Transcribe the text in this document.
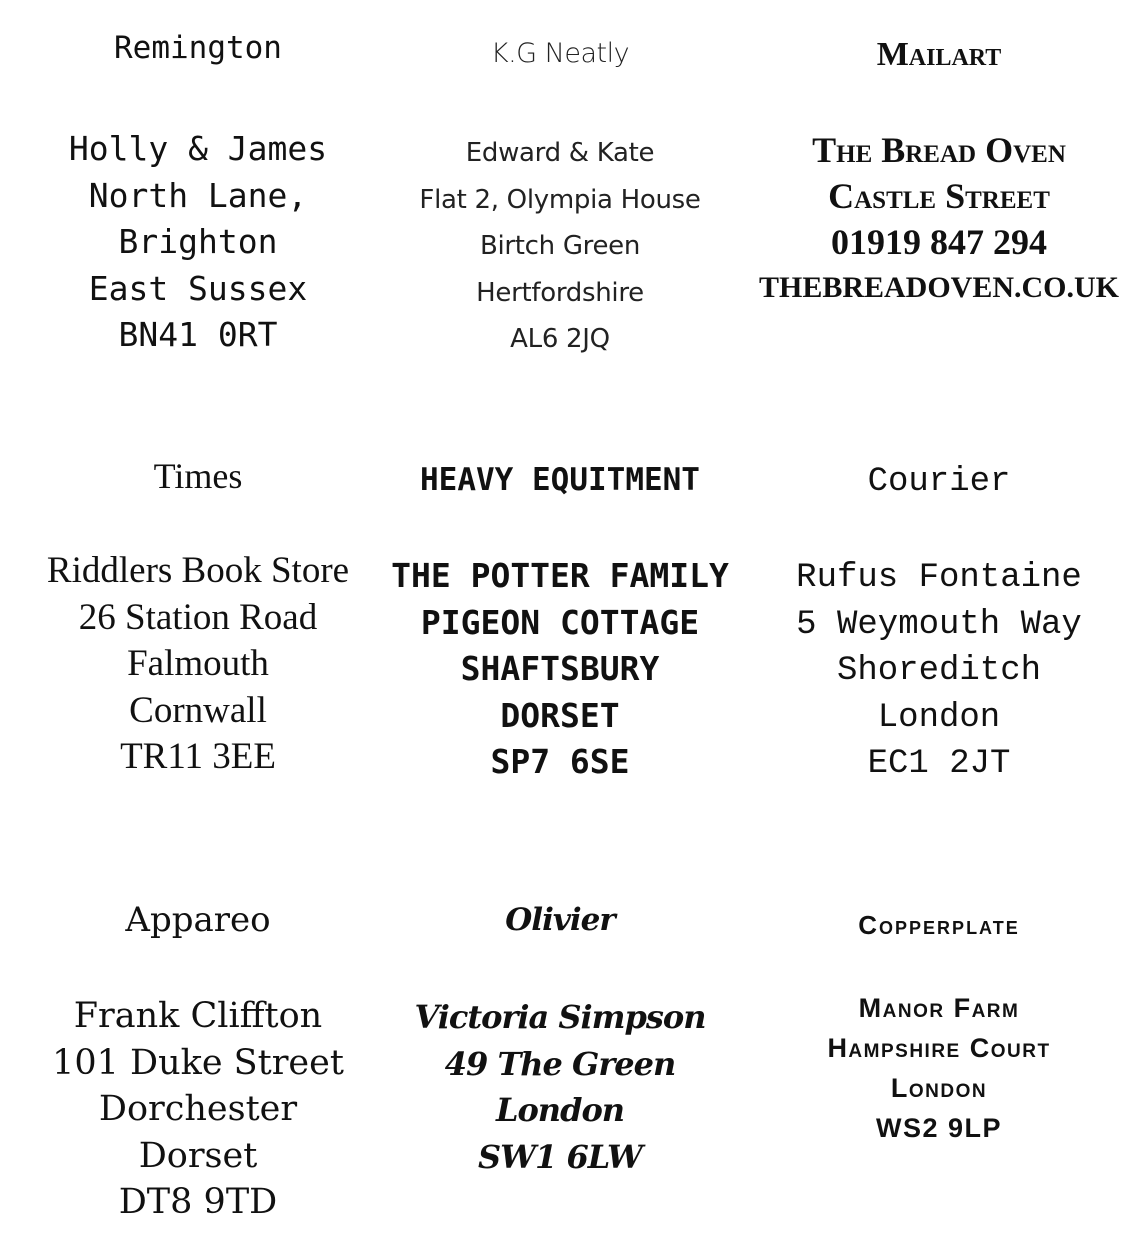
Remington
Holly & James
North Lane,
Brighton
East Sussex
BN41 0RT
K.G Neatly
Edward & Kate
Flat 2, Olympia House
Birtch Green
Hertfordshire
AL6 2JQ
Mailart
The Bread Oven
Castle Street
01919 847 294
THEBREADOVEN.CO.UK
Times
Riddlers Book Store
26 Station Road
Falmouth
Cornwall
TR11 3EE
HEAVY EQUITMENT
THE POTTER FAMILY
PIGEON COTTAGE
SHAFTSBURY
DORSET
SP7 6SE
Courier
Rufus Fontaine
5 Weymouth Way
Shoreditch
London
EC1 2JT
Appareo
Frank Cliffton
101 Duke Street
Dorchester
Dorset
DT8 9TD
Olivier
Victoria Simpson
49 The Green
London
SW1 6LW
Copperplate
Manor Farm
Hampshire Court
London
WS2 9LP
